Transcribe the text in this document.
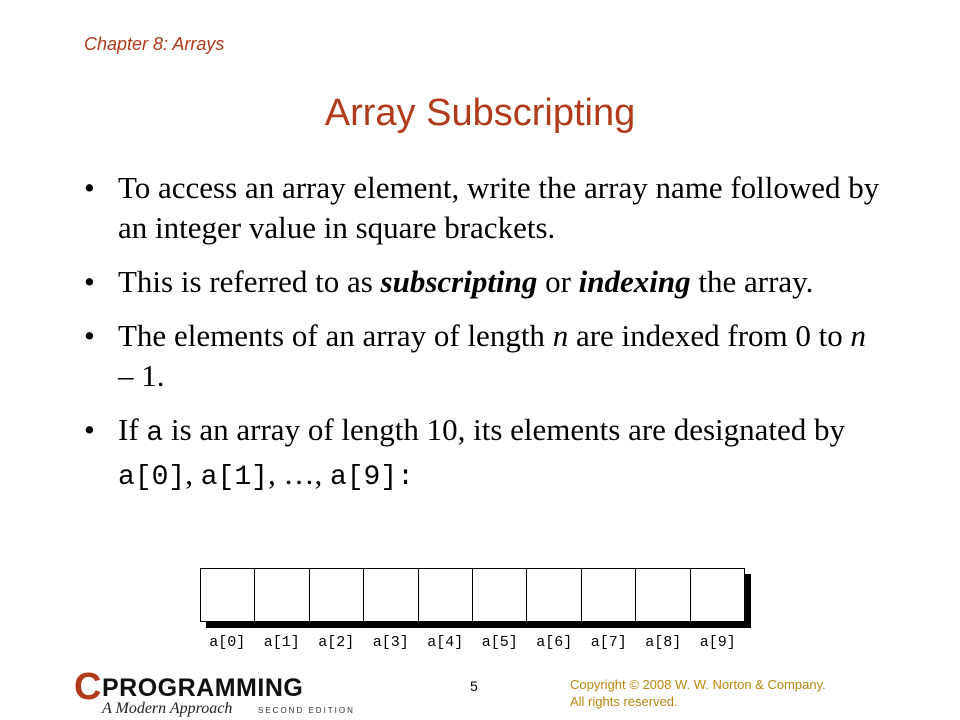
Chapter 8: Arrays
Array Subscripting
• To access an array element, write the array name followed by an integer value in square brackets.
• This is referred to as subscripting or indexing the array.
• The elements of an array of length n are indexed from 0 to n – 1.
• If a is an array of length 10, its elements are designated by a[0], a[1], …, a[9]:
a[0]	a[1]	a[2]	a[3]	a[4]	a[5]	a[6]	a[7]	a[8]	a[9]
C PROGRAMMING
A Modern Approach	SECOND EDITION
5	Copyright © 2008 W. W. Norton & Company.
All rights reserved.
